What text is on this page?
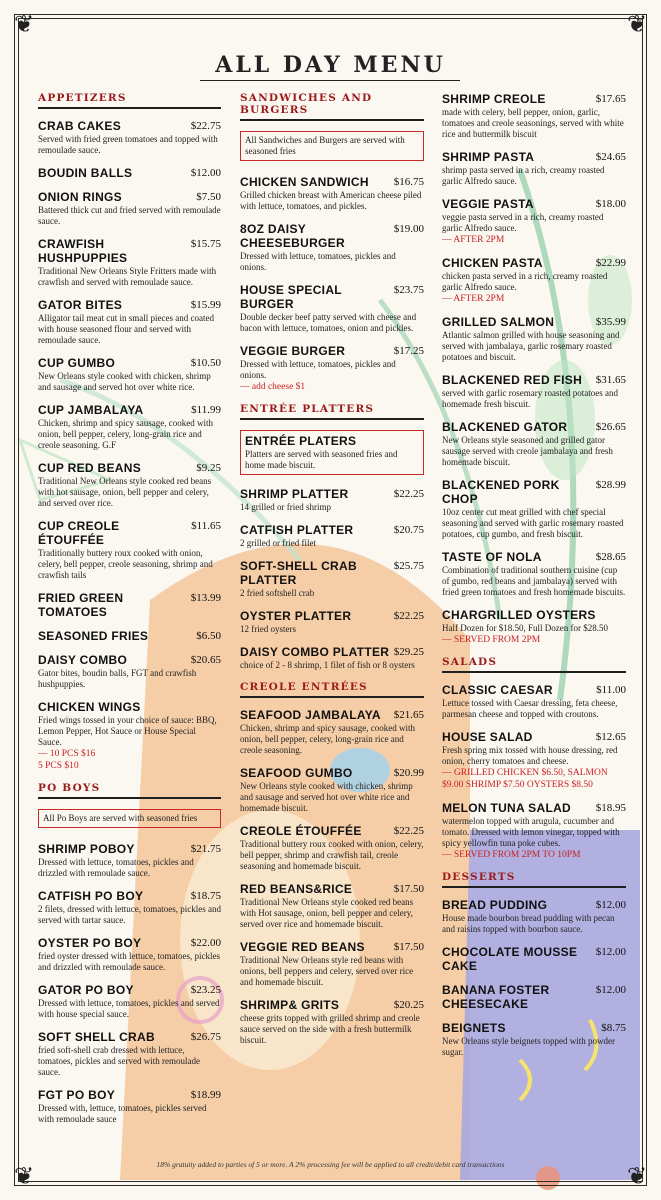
❦	❦
❦	❦
ALL DAY MENU
APPETIZERS
CRAB CAKES	$22.75
Served with fried green tomatoes and topped with remoulade sauce.
BOUDIN BALLS	$12.00
ONION RINGS	$7.50
Battered thick cut and fried served with remoulade sauce.
CRAWFISH HUSHPUPPIES
$15.75
Traditional New Orleans Style Fritters made with crawfish and served with remoulade sauce.
GATOR BITES	$15.99
Alligator tail meat cut in small pieces and coated with house seasoned flour and served with remoulade sauce.
CUP GUMBO	$10.50
New Orleans style cooked with chicken, shrimp and sausage and served hot over white rice.
CUP JAMBALAYA	$11.99
Chicken, shrimp and spicy sausage, cooked with onion, bell pepper, celery, long-grain rice and creole seasoning. G.F
CUP RED BEANS	$9.25
Traditional New Orleans style cooked red beans with hot sausage, onion, bell pepper and celery, and served over rice.
CUP CREOLE ÉTOUFFÉE
$11.65
Traditionally buttery roux cooked with onion, celery, bell pepper, creole seasoning, shrimp and crawfish tails
FRIED GREEN TOMATOES
$13.99
SEASONED FRIES	$6.50
DAISY COMBO	$20.65
Gator bites, boudin balls, FGT and crawfish hushpuppies.
CHICKEN WINGS
Fried wings tossed in your choice of sauce: BBQ, Lemon Pepper, Hot Sauce or House Special Sauce.
— 10 PCS $16
5 PCS $10
PO BOYS
All Po Boys are served with seasoned fries
SHRIMP POBOY	$21.75
Dressed with lettuce, tomatoes, pickles and drizzled with remoulade sauce.
CATFISH PO BOY	$18.75
2 filets, dressed with lettuce, tomatoes, pickles and served with tartar sauce.
OYSTER PO BOY	$22.00
fried oyster dressed with lettuce, tomatoes, pickles and drizzled with remoulade sauce.
GATOR PO BOY	$23.25
Dressed with lettuce, tomatoes, pickles and served with house special sauce.
SOFT SHELL CRAB	$26.75
fried soft-shell crab dressed with lettuce, tomatoes, pickles and served with remoulade sauce.
FGT PO BOY	$18.99
Dressed with, lettuce, tomatoes, pickles served with remoulade sauce
SANDWICHES AND BURGERS
All Sandwiches and Burgers are served with seasoned fries
CHICKEN SANDWICH	$16.75
Grilled chicken breast with American cheese piled with lettuce, tomatoes, and pickles.
8OZ DAISY CHEESEBURGER
$19.00
Dressed with lettuce, tomatoes, pickles and onions.
HOUSE SPECIAL BURGER
$23.75
Double decker beef patty served with cheese and bacon with lettuce, tomatoes, onion and pickles.
VEGGIE BURGER	$17.25
Dressed with lettuce, tomatoes, pickles and onions.
— add cheese $1
ENTRÉE PLATTERS
ENTRÉE PLATERS
Platters are served with seasoned fries and home made biscuit.
SHRIMP PLATTER	$22.25
14 grilled or fried shrimp
CATFISH PLATTER	$20.75
2 grilled or fried filet
SOFT-SHELL CRAB PLATTER
$25.75
2 fried softshell crab
OYSTER PLATTER	$22.25
12 fried oysters
DAISY COMBO PLATTER $29.25
choice of 2 - 8 shrimp, 1 filet of fish or 8 oysters
CREOLE ENTRÉES
SEAFOOD JAMBALAYA	$21.65
Chicken, shrimp and spicy sausage, cooked with onion, bell pepper, celery, long-grain rice and creole seasoning.
SEAFOOD GUMBO	$20.99
New Orleans style cooked with chicken, shrimp and sausage and served hot over white rice and homemade biscuit.
CREOLE ÉTOUFFÉE	$22.25
Traditional buttery roux cooked with onion, celery, bell pepper, shrimp and crawfish tail, creole seasoning and homemade biscuit.
RED BEANS&RICE	$17.50
Traditional New Orleans style cooked red beans with Hot sausage, onion, bell pepper and celery, served over rice and homemade biscuit.
VEGGIE RED BEANS	$17.50
Traditional New Orleans style red beans with onions, bell peppers and celery, served over rice and homemade biscuit.
SHRIMP& GRITS	$20.25
cheese grits topped with grilled shrimp and creole sauce served on the side with a fresh buttermilk biscuit.
SHRIMP CREOLE	$17.65
made with celery, bell pepper, onion, garlic, tomatoes and creole seasonings, served with white rice and buttermilk biscuit
SHRIMP PASTA	$24.65
shrimp pasta served in a rich, creamy roasted garlic Alfredo sauce.
VEGGIE PASTA	$18.00
veggie pasta served in a rich, creamy roasted garlic Alfredo sauce.
— AFTER 2PM
CHICKEN PASTA	$22.99
chicken pasta served in a rich, creamy roasted garlic Alfredo sauce.
— AFTER 2PM
GRILLED SALMON	$35.99
Atlantic salmon grilled with house seasoning and served with jambalaya, garlic rosemary roasted potatoes and biscuit.
BLACKENED RED FISH	$31.65
served with garlic rosemary roasted potatoes and homemade fresh biscuit.
BLACKENED GATOR	$26.65
New Orleans style seasoned and grilled gator sausage served with creole jambalaya and fresh homemade biscuit.
BLACKENED PORK CHOP
$28.99
10oz center cut meat grilled with chef special seasoning and served with garlic rosemary roasted potatoes, cup gumbo, and fresh biscuit.
TASTE OF NOLA	$28.65
Combination of traditional southern cuisine (cup of gumbo, red beans and jambalaya) served with fried green tomatoes and fresh homemade biscuits.
CHARGRILLED OYSTERS
Half Dozen for $18.50, Full Dozen for $28.50
— SERVED FROM 2PM
SALADS
CLASSIC CAESAR	$11.00
Lettuce tossed with Caesar dressing, feta cheese, parmesan cheese and topped with croutons.
HOUSE SALAD	$12.65
Fresh spring mix tossed with house dressing, red onion, cherry tomatoes and cheese.
— GRILLED CHICKEN $6.50, SALMON $9.00 SHRIMP $7.50 OYSTERS $8.50
MELON TUNA SALAD	$18.95
watermelon topped with arugula, cucumber and tomato. Dressed with lemon vinegar, topped with spicy yellowfin tuna poke cubes.
— SERVED FROM 2PM TO 10PM
DESSERTS
BREAD PUDDING	$12.00
House made bourbon bread pudding with pecan and raisins topped with bourbon sauce.
CHOCOLATE MOUSSE CAKE
$12.00
BANANA FOSTER CHEESECAKE
$12.00
BEIGNETS	$8.75
New Orleans style beignets topped with powder sugar.
18% gratuity added to parties of 5 or more. A 2% processing fee will be applied to all credit/debit card transactions
